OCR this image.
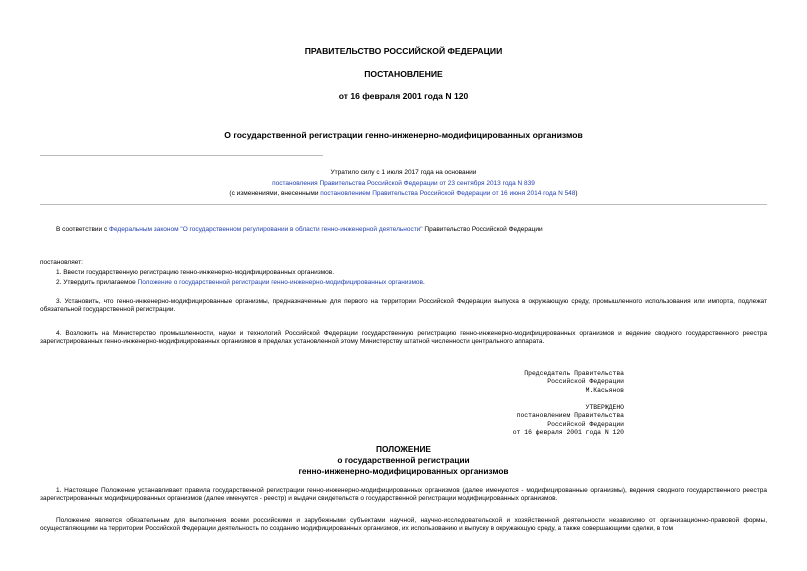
ПРАВИТЕЛЬСТВО РОССИЙСКОЙ ФЕДЕРАЦИИ
ПОСТАНОВЛЕНИЕ
от 16 февраля 2001 года N 120
О государственной регистрации генно-инженерно-модифицированных организмов
Утратило силу с 1 июля 2017 года на основании
постановления Правительства Российской Федерации от 23 сентября 2013 года N 839
(с изменениями, внесенными постановлением Правительства Российской Федерации от 16 июня 2014 года N 548)
В соответствии с Федеральным законом "О государственном регулировании в области генно-инженерной деятельности" Правительство Российской Федерации
постановляет:
1. Ввести государственную регистрацию генно-инженерно-модифицированных организмов.
2. Утвердить прилагаемое Положение о государственной регистрации генно-инженерно-модифицированных организмов.
3. Установить, что генно-инженерно-модифицированные организмы, предназначенные для первого на территории Российской Федерации выпуска в окружающую среду, промышленного использования или импорта, подлежат обязательной государственной регистрации.
4. Возложить на Министерство промышленности, науки и технологий Российской Федерации государственную регистрацию генно-инженерно-модифицированных организмов и ведение сводного государственного реестра зарегистрированных генно-инженерно-модифицированных организмов в пределах установленной этому Министерству штатной численности центрального аппарата.
Председатель Правительства
Российской Федерации
М.Касьянов
УТВЕРЖДЕНО
постановлением Правительства
Российской Федерации
от 16 февраля 2001 года N 120
ПОЛОЖЕНИЕ
о государственной регистрации
генно-инженерно-модифицированных организмов
1. Настоящее Положение устанавливает правила государственной регистрации генно-инженерно-модифицированных организмов (далее именуются - модифицированные организмы), ведения сводного государственного реестра зарегистрированных модифицированных организмов (далее именуется - реестр) и выдачи свидетельств о государственной регистрации модифицированных организмов.
Положение является обязательным для выполнения всеми российскими и зарубежными субъектами научной, научно-исследовательской и хозяйственной деятельности независимо от организационно-правовой формы, осуществляющими на территории Российской Федерации деятельность по созданию модифицированных организмов, их использованию и выпуску в окружающую среду, а также совершающими сделки, в том
